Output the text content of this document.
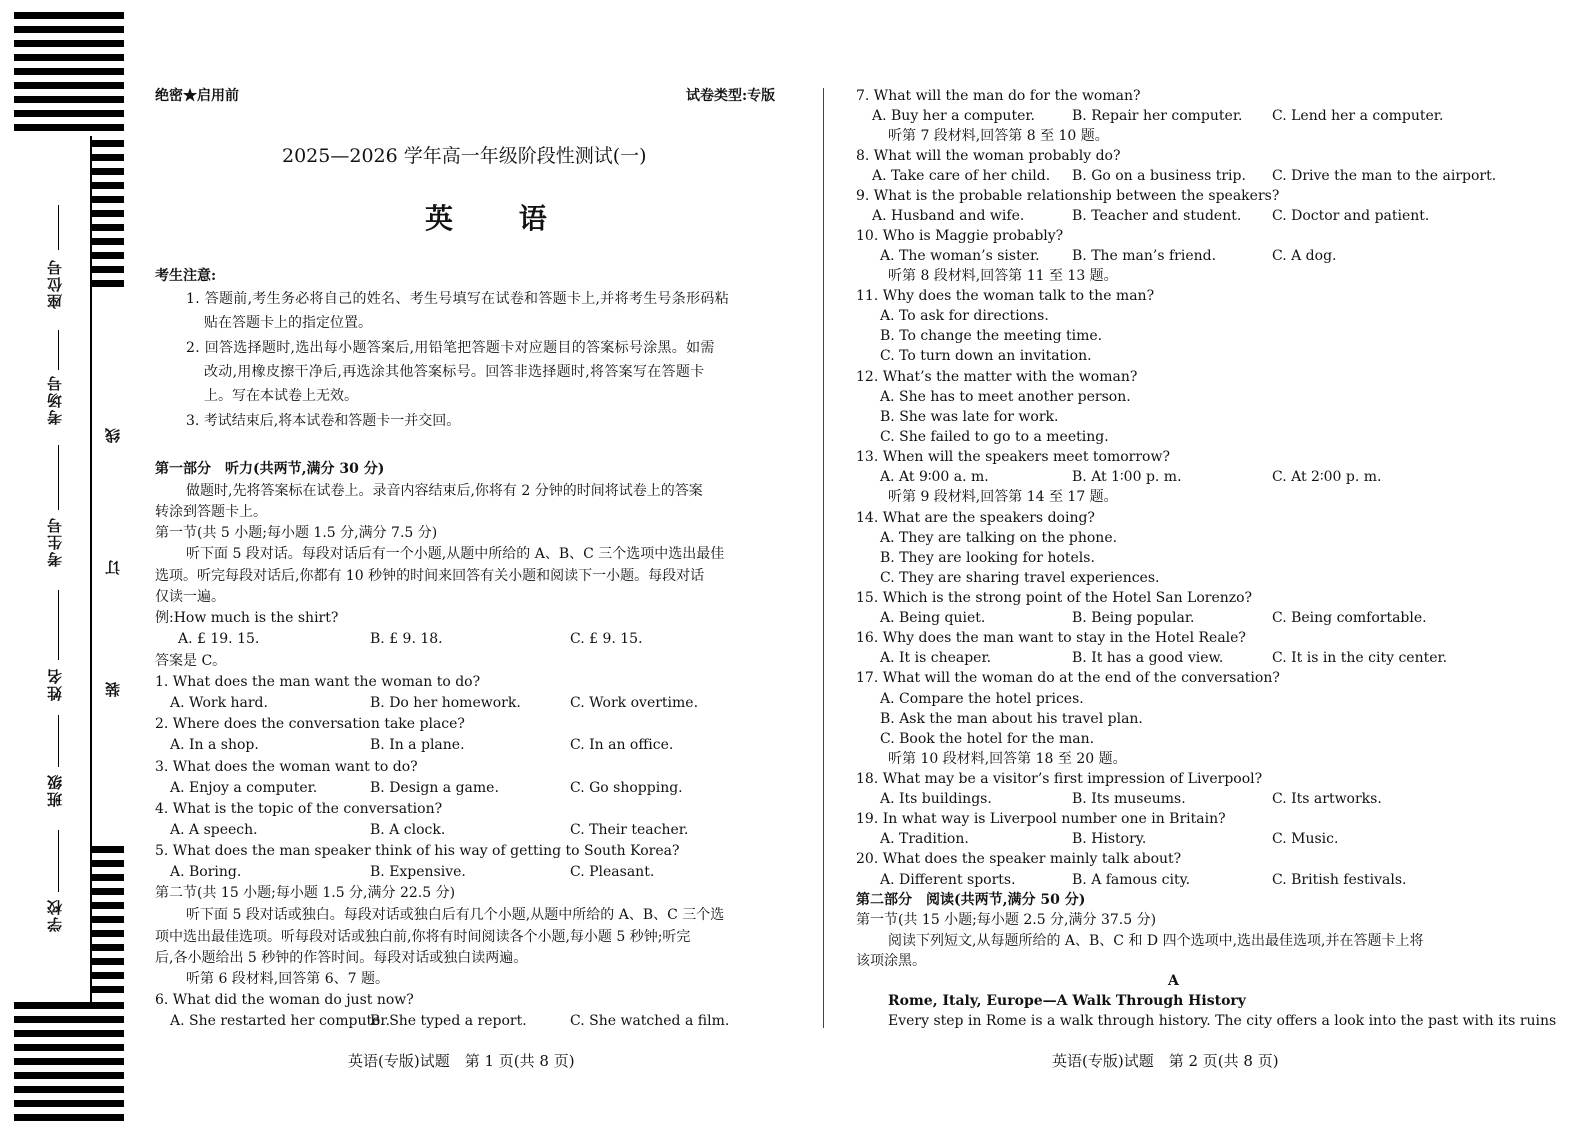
座位号
考场号
考生号
姓名
班级
学校
线
订
装
绝密★启用前	试卷类型:专版
2025—2026 学年高一年级阶段性测试(一)
英 语
考生注意:
1. 答题前,考生务必将自己的姓名、考生号填写在试卷和答题卡上,并将考生号条形码粘
贴在答题卡上的指定位置。
2. 回答选择题时,选出每小题答案后,用铅笔把答题卡对应题目的答案标号涂黑。如需
改动,用橡皮擦干净后,再选涂其他答案标号。回答非选择题时,将答案写在答题卡
上。写在本试卷上无效。
3. 考试结束后,将本试卷和答题卡一并交回。
第一部分　听力(共两节,满分 30 分)
做题时,先将答案标在试卷上。录音内容结束后,你将有 2 分钟的时间将试卷上的答案
转涂到答题卡上。
第一节(共 5 小题;每小题 1.5 分,满分 7.5 分)
听下面 5 段对话。每段对话后有一个小题,从题中所给的 A、B、C 三个选项中选出最佳
选项。听完每段对话后,你都有 10 秒钟的时间来回答有关小题和阅读下一小题。每段对话
仅读一遍。
例:How much is the shirt?
A. £ 19. 15.	B. £ 9. 18.	C. £ 9. 15.
答案是 C。
1. What does the man want the woman to do?
A. Work hard.	B. Do her homework.	C. Work overtime.
2. Where does the conversation take place?
A. In a shop.	B. In a plane.	C. In an office.
3. What does the woman want to do?
A. Enjoy a computer.	B. Design a game.	C. Go shopping.
4. What is the topic of the conversation?
A. A speech.	B. A clock.	C. Their teacher.
5. What does the man speaker think of his way of getting to South Korea?
A. Boring.	B. Expensive.	C. Pleasant.
第二节(共 15 小题;每小题 1.5 分,满分 22.5 分)
听下面 5 段对话或独白。每段对话或独白后有几个小题,从题中所给的 A、B、C 三个选
项中选出最佳选项。听每段对话或独白前,你将有时间阅读各个小题,每小题 5 秒钟;听完
后,各小题给出 5 秒钟的作答时间。每段对话或独白读两遍。
听第 6 段材料,回答第 6、7 题。
6. What did the woman do just now?
A. She restarted her computer.
B. She typed a report.	C. She watched a film.
英语(专版)试题　第 1 页(共 8 页)
7. What will the man do for the woman?
A. Buy her a computer.	B. Repair her computer. C. Lend her a computer.
听第 7 段材料,回答第 8 至 10 题。
8. What will the woman probably do?
A. Take care of her child. B. Go on a business trip. C. Drive the man to the airport.
9. What is the probable relationship between the speakers?
A. Husband and wife.	B. Teacher and student. C. Doctor and patient.
10. Who is Maggie probably?
A. The woman’s sister. B. The man’s friend.	C. A dog.
听第 8 段材料,回答第 11 至 13 题。
11. Why does the woman talk to the man?
A. To ask for directions.
B. To change the meeting time.
C. To turn down an invitation.
12. What’s the matter with the woman?
A. She has to meet another person.
B. She was late for work.
C. She failed to go to a meeting.
13. When will the speakers meet tomorrow?
A. At 9∶00 a. m.	B. At 1∶00 p. m.	C. At 2∶00 p. m.
听第 9 段材料,回答第 14 至 17 题。
14. What are the speakers doing?
A. They are talking on the phone.
B. They are looking for hotels.
C. They are sharing travel experiences.
15. Which is the strong point of the Hotel San Lorenzo?
A. Being quiet.	B. Being popular.	C. Being comfortable.
16. Why does the man want to stay in the Hotel Reale?
A. It is cheaper.	B. It has a good view.	C. It is in the city center.
17. What will the woman do at the end of the conversation?
A. Compare the hotel prices.
B. Ask the man about his travel plan.
C. Book the hotel for the man.
听第 10 段材料,回答第 18 至 20 题。
18. What may be a visitor’s first impression of Liverpool?
A. Its buildings.	B. Its museums.	C. Its artworks.
19. In what way is Liverpool number one in Britain?
A. Tradition.	B. History.	C. Music.
20. What does the speaker mainly talk about?
A. Different sports.	B. A famous city.	C. British festivals.
第二部分　阅读(共两节,满分 50 分)
第一节(共 15 小题;每小题 2.5 分,满分 37.5 分)
阅读下列短文,从每题所给的 A、B、C 和 D 四个选项中,选出最佳选项,并在答题卡上将
该项涂黑。
A
Rome, Italy, Europe—A Walk Through History
Every step in Rome is a walk through history. The city offers a look into the past with its ruins
英语(专版)试题　第 2 页(共 8 页)
